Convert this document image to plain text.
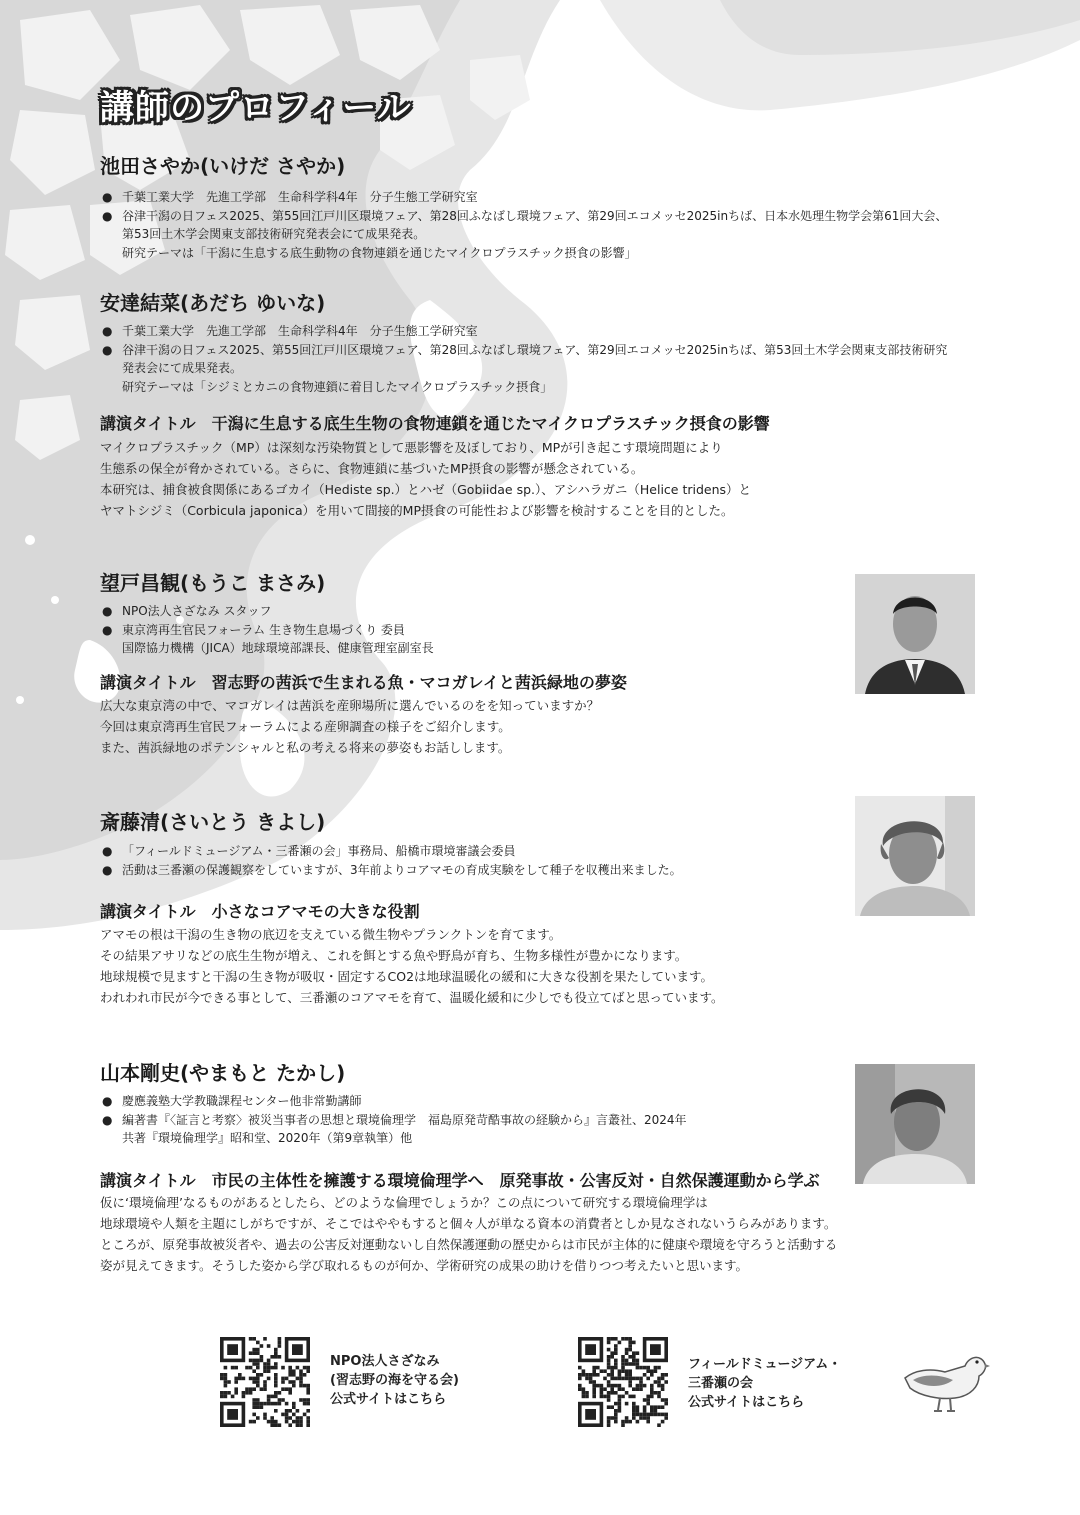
講師のプロフィール
池田さやか(いけだ さやか)
● 千葉工業大学　先進工学部　生命科学科4年　分子生態工学研究室
● 谷津干潟の日フェス2025、第55回江戸川区環境フェア、第28回ふなばし環境フェア、第29回エコメッセ2025inちば、日本水処理生物学会第61回大会、
第53回土木学会関東支部技術研究発表会にて成果発表。
研究テーマは「干潟に生息する底生動物の食物連鎖を通じたマイクロプラスチック摂食の影響」
安達結菜(あだち ゆいな)
● 千葉工業大学　先進工学部　生命科学科4年　分子生態工学研究室
● 谷津干潟の日フェス2025、第55回江戸川区環境フェア、第28回ふなばし環境フェア、第29回エコメッセ2025inちば、第53回土木学会関東支部技術研究
発表会にて成果発表。
研究テーマは「シジミとカニの食物連鎖に着目したマイクロプラスチック摂食」
講演タイトル　干潟に生息する底生生物の食物連鎖を通じたマイクロプラスチック摂食の影響

マイクロプラスチック（MP）は深刻な汚染物質として悪影響を及ぼしており、MPが引き起こす環境問題により
生態系の保全が脅かされている。さらに、食物連鎖に基づいたMP摂食の影響が懸念されている。
本研究は、捕食被食関係にあるゴカイ（Hediste sp.）とハゼ（Gobiidae sp.）、アシハラガニ（Helice tridens）と
ヤマトシジミ（Corbicula japonica）を用いて間接的MP摂食の可能性および影響を検討することを目的とした。

望戸昌観(もうこ まさみ)
● NPO法人さざなみ スタッフ
● 東京湾再生官民フォーラム 生き物生息場づくり 委員
国際協力機構（JICA）地球環境部課長、健康管理室副室長
講演タイトル　習志野の茜浜で生まれる魚・マコガレイと茜浜緑地の夢姿

広大な東京湾の中で、マコガレイは茜浜を産卵場所に選んでいるのをを知っていますか？
今回は東京湾再生官民フォーラムによる産卵調査の様子をご紹介します。
また、茜浜緑地のポテンシャルと私の考える将来の夢姿もお話しします。

斎藤清(さいとう きよし)
● 「フィールドミュージアム・三番瀬の会」事務局、船橋市環境審議会委員
● 活動は三番瀬の保護観察をしていますが、3年前よりコアマモの育成実験をして種子を収穫出来ました。
講演タイトル　小さなコアマモの大きな役割

アマモの根は干潟の生き物の底辺を支えている微生物やプランクトンを育てます。
その結果アサリなどの底生生物が増え、これを餌とする魚や野鳥が育ち、生物多様性が豊かになります。
地球規模で見ますと干潟の生き物が吸収・固定するCO2は地球温暖化の緩和に大きな役割を果たしています。
われわれ市民が今できる事として、三番瀬のコアマモを育て、温暖化緩和に少しでも役立てばと思っています。

山本剛史(やまもと たかし)
● 慶應義塾大学教職課程センター他非常勤講師
● 編著書『〈証言と考察〉被災当事者の思想と環境倫理学　福島原発苛酷事故の経験から』言叢社、2024年
共著『環境倫理学』昭和堂、2020年（第9章執筆）他
講演タイトル　市民の主体性を擁護する環境倫理学へ　原発事故・公害反対・自然保護運動から学ぶ

仮に‘環境倫理’なるものがあるとしたら、どのような倫理でしょうか？この点について研究する環境倫理学は
地球環境や人類を主題にしがちですが、そこではややもすると個々人が単なる資本の消費者としか見なされないうらみがあります。
ところが、原発事故被災者や、過去の公害反対運動ないし自然保護運動の歴史からは市民が主体的に健康や環境を守ろうと活動する
姿が見えてきます。そうした姿から学び取れるものが何か、学術研究の成果の助けを借りつつ考えたいと思います。

NPO法人さざなみ
(習志野の海を守る会)
公式サイトはこちら

フィールドミュージアム・
三番瀬の会
公式サイトはこちら
